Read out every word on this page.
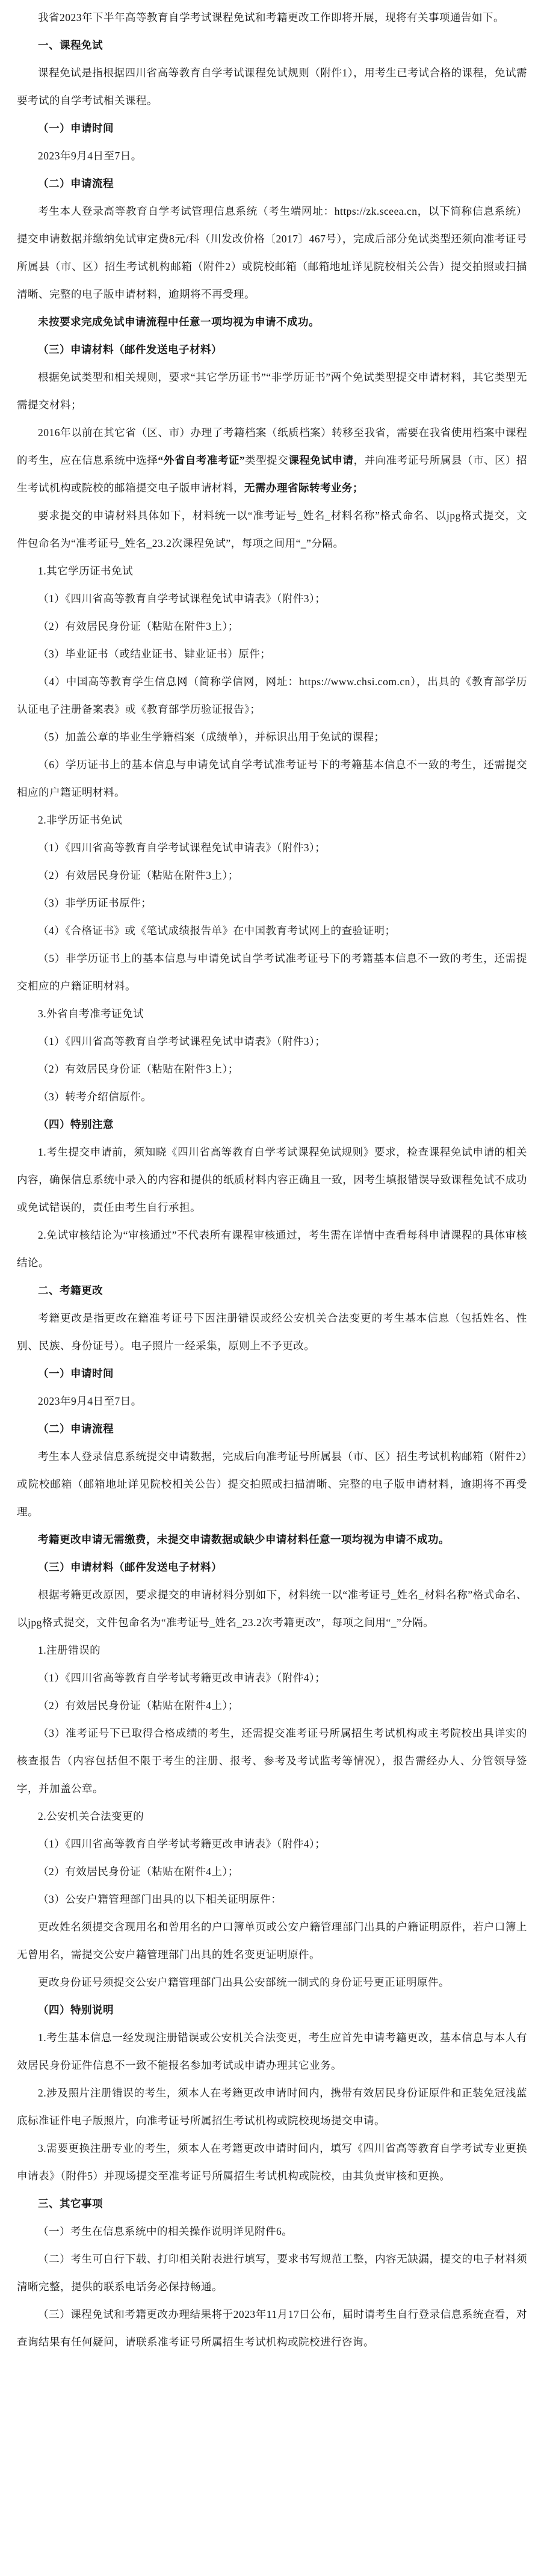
我省2023年下半年高等教育自学考试课程免试和考籍更改工作即将开展，现将有关事项通告如下。

一、课程免试

课程免试是指根据四川省高等教育自学考试课程免试规则（附件1），用考生已考试合格的课程，免试需要考试的自学考试相关课程。

（一）申请时间

2023年9月4日至7日。

（二）申请流程

考生本人登录高等教育自学考试管理信息系统（考生端网址：https://zk.sceea.cn，以下简称信息系统）提交申请数据并缴纳免试审定费8元/科（川发改价格〔2017〕467号），完成后部分免试类型还须向准考证号所属县（市、区）招生考试机构邮箱（附件2）或院校邮箱（邮箱地址详见院校相关公告）提交拍照或扫描清晰、完整的电子版申请材料，逾期将不再受理。

未按要求完成免试申请流程中任意一项均视为申请不成功。

（三）申请材料（邮件发送电子材料）

根据免试类型和相关规则，要求“其它学历证书”“非学历证书”两个免试类型提交申请材料，其它类型无需提交材料；

2016年以前在其它省（区、市）办理了考籍档案（纸质档案）转移至我省，需要在我省使用档案中课程的考生，应在信息系统中选择“外省自考准考证”类型提交课程免试申请，并向准考证号所属县（市、区）招生考试机构或院校的邮箱提交电子版申请材料，无需办理省际转考业务；

要求提交的申请材料具体如下，材料统一以“准考证号_姓名_材料名称”格式命名、以jpg格式提交，文件包命名为“准考证号_姓名_23.2次课程免试”，每项之间用“_”分隔。

1.其它学历证书免试

（1）《四川省高等教育自学考试课程免试申请表》（附件3）；

（2）有效居民身份证（粘贴在附件3上）；

（3）毕业证书（或结业证书、肄业证书）原件；

（4）中国高等教育学生信息网（简称学信网，网址：https://www.chsi.com.cn），出具的《教育部学历认证电子注册备案表》或《教育部学历验证报告》；

（5）加盖公章的毕业生学籍档案（成绩单），并标识出用于免试的课程；

（6）学历证书上的基本信息与申请免试自学考试准考证号下的考籍基本信息不一致的考生，还需提交相应的户籍证明材料。

2.非学历证书免试

（1）《四川省高等教育自学考试课程免试申请表》（附件3）；

（2）有效居民身份证（粘贴在附件3上）；

（3）非学历证书原件；

（4）《合格证书》或《笔试成绩报告单》在中国教育考试网上的查验证明；

（5）非学历证书上的基本信息与申请免试自学考试准考证号下的考籍基本信息不一致的考生，还需提交相应的户籍证明材料。

3.外省自考准考证免试

（1）《四川省高等教育自学考试课程免试申请表》（附件3）；

（2）有效居民身份证（粘贴在附件3上）；

（3）转考介绍信原件。

（四）特别注意

1.考生提交申请前，须知晓《四川省高等教育自学考试课程免试规则》要求，检查课程免试申请的相关内容，确保信息系统中录入的内容和提供的纸质材料内容正确且一致，因考生填报错误导致课程免试不成功或免试错误的，责任由考生自行承担。

2.免试审核结论为“审核通过”不代表所有课程审核通过，考生需在详情中查看每科申请课程的具体审核结论。

二、考籍更改

考籍更改是指更改在籍准考证号下因注册错误或经公安机关合法变更的考生基本信息（包括姓名、性别、民族、身份证号）。电子照片一经采集，原则上不予更改。

（一）申请时间

2023年9月4日至7日。

（二）申请流程

考生本人登录信息系统提交申请数据，完成后向准考证号所属县（市、区）招生考试机构邮箱（附件2）或院校邮箱（邮箱地址详见院校相关公告）提交拍照或扫描清晰、完整的电子版申请材料，逾期将不再受理。

考籍更改申请无需缴费，未提交申请数据或缺少申请材料任意一项均视为申请不成功。

（三）申请材料（邮件发送电子材料）

根据考籍更改原因，要求提交的申请材料分别如下，材料统一以“准考证号_姓名_材料名称”格式命名、以jpg格式提交，文件包命名为“准考证号_姓名_23.2次考籍更改”，每项之间用“_”分隔。

1.注册错误的

（1）《四川省高等教育自学考试考籍更改申请表》（附件4）；

（2）有效居民身份证（粘贴在附件4上）；

（3）准考证号下已取得合格成绩的考生，还需提交准考证号所属招生考试机构或主考院校出具详实的核查报告（内容包括但不限于考生的注册、报考、参考及考试监考等情况），报告需经办人、分管领导签字，并加盖公章。

2.公安机关合法变更的

（1）《四川省高等教育自学考试考籍更改申请表》（附件4）；

（2）有效居民身份证（粘贴在附件4上）；

（3）公安户籍管理部门出具的以下相关证明原件：

更改姓名须提交含现用名和曾用名的户口簿单页或公安户籍管理部门出具的户籍证明原件，若户口簿上无曾用名，需提交公安户籍管理部门出具的姓名变更证明原件。

更改身份证号须提交公安户籍管理部门出具公安部统一制式的身份证号更正证明原件。

（四）特别说明

1.考生基本信息一经发现注册错误或公安机关合法变更，考生应首先申请考籍更改，基本信息与本人有效居民身份证件信息不一致不能报名参加考试或申请办理其它业务。

2.涉及照片注册错误的考生，须本人在考籍更改申请时间内，携带有效居民身份证原件和正装免冠浅蓝底标准证件电子版照片，向准考证号所属招生考试机构或院校现场提交申请。

3.需要更换注册专业的考生，须本人在考籍更改申请时间内，填写《四川省高等教育自学考试专业更换申请表》（附件5）并现场提交至准考证号所属招生考试机构或院校，由其负责审核和更换。

三、其它事项

（一）考生在信息系统中的相关操作说明详见附件6。

（二）考生可自行下载、打印相关附表进行填写，要求书写规范工整，内容无缺漏，提交的电子材料须清晰完整，提供的联系电话务必保持畅通。

（三）课程免试和考籍更改办理结果将于2023年11月17日公布，届时请考生自行登录信息系统查看，对查询结果有任何疑问，请联系准考证号所属招生考试机构或院校进行咨询。
